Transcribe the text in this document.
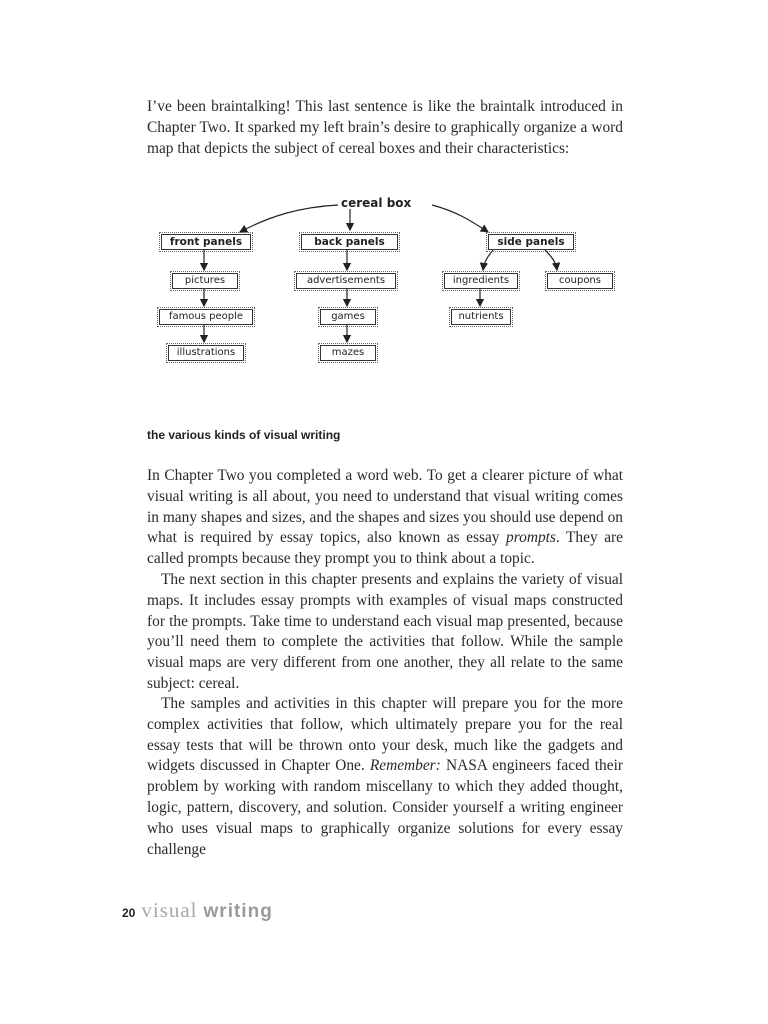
I’ve been braintalking! This last sentence is like the braintalk introduced in Chapter Two. It sparked my left brain’s desire to graphically organize a word map that depicts the subject of cereal boxes and their characteristics:

cereal box
front panels	back panels	side panels
pictures
famous people
illustrations
advertisements
games
mazes
ingredients
nutrients
coupons
the various kinds of visual writing

In Chapter Two you completed a word web. To get a clearer picture of what visual writing is all about, you need to understand that visual writing comes in many shapes and sizes, and the shapes and sizes you should use depend on what is required by essay topics, also known as essay prompts. They are called prompts because they prompt you to think about a topic.

The next section in this chapter presents and explains the variety of visual maps. It includes essay prompts with examples of visual maps constructed for the prompts. Take time to understand each visual map presented, because you’ll need them to complete the activities that follow. While the sample visual maps are very different from one another, they all relate to the same subject: cereal.

The samples and activities in this chapter will prepare you for the more complex activities that follow, which ultimately prepare you for the real essay tests that will be thrown onto your desk, much like the gadgets and widgets discussed in Chapter One. Remember: NASA engineers faced their problem by working with random miscellany to which they added thought, logic, pattern, discovery, and solution. Consider yourself a writing engineer who uses visual maps to graphically organize solutions for every essay challenge

20 visual writing
